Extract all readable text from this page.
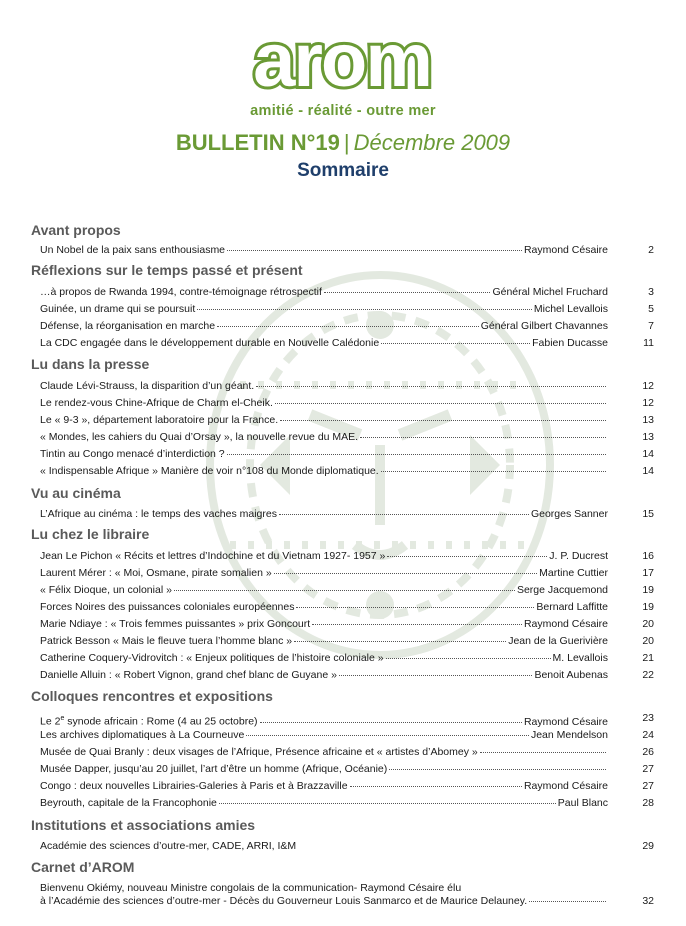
arom
amitié - réalité - outre mer
BULLETIN N°19 | Décembre 2009
Sommaire
Avant propos
Un Nobel de la paix sans enthousiasme	Raymond Césaire	2
Réflexions sur le temps passé et présent
…à propos de Rwanda 1994, contre-témoignage rétrospectif	Général Michel Fruchard	3
Guinée, un drame qui se poursuit	Michel Levallois	5
Défense, la réorganisation en marche	Général Gilbert Chavannes	7
La CDC engagée dans le développement durable en Nouvelle Calédonie	Fabien Ducasse	11
Lu dans la presse
Claude Lévi-Strauss, la disparition d’un géant.	12
Le rendez-vous Chine-Afrique de Charm el-Cheik.	12
Le « 9-3 », département laboratoire pour la France.	13
« Mondes, les cahiers du Quai d’Orsay », la nouvelle revue du MAE.	13
Tintin au Congo menacé d’interdiction ?	14
« Indispensable Afrique » Manière de voir n°108 du Monde diplomatique.	14
Vu au cinéma
L’Afrique au cinéma : le temps des vaches maigres	Georges Sanner	15
Lu chez le libraire
Jean Le Pichon « Récits et lettres d’Indochine et du Vietnam 1927- 1957 »	J. P. Ducrest	16
Laurent Mérer : « Moi, Osmane, pirate somalien »	Martine Cuttier	17
« Félix Dioque, un colonial »	Serge Jacquemond	19
Forces Noires des puissances coloniales européennes	Bernard Laffitte	19
Marie Ndiaye : « Trois femmes puissantes » prix Goncourt	Raymond Césaire	20
Patrick Besson « Mais le fleuve tuera l’homme blanc »	Jean de la Guerivière	20
Catherine Coquery-Vidrovitch : « Enjeux politiques de l’histoire coloniale »	M. Levallois	21
Danielle Alluin : « Robert Vignon, grand chef blanc de Guyane »	Benoit Aubenas	22
Colloques rencontres et expositions
Le 2e synode africain : Rome (4 au 25 octobre)	Raymond Césaire	23
Les archives diplomatiques à La Courneuve	Jean Mendelson	24
Musée de Quai Branly : deux visages de l’Afrique, Présence africaine et « artistes d’Abomey »	26
Musée Dapper, jusqu’au 20 juillet, l’art d’être un homme (Afrique, Océanie)	27
Congo : deux nouvelles Librairies-Galeries à Paris et à Brazzaville	Raymond Césaire	27
Beyrouth, capitale de la Francophonie	Paul Blanc	28
Institutions et associations amies
Académie des sciences d’outre-mer, CADE, ARRI, I&M	29
Carnet d’AROM
Bienvenu Okiémy, nouveau Ministre congolais de la communication- Raymond Césaire élu
à l’Académie des sciences d’outre-mer - Décès du Gouverneur Louis Sanmarco et de Maurice Delauney.	32
